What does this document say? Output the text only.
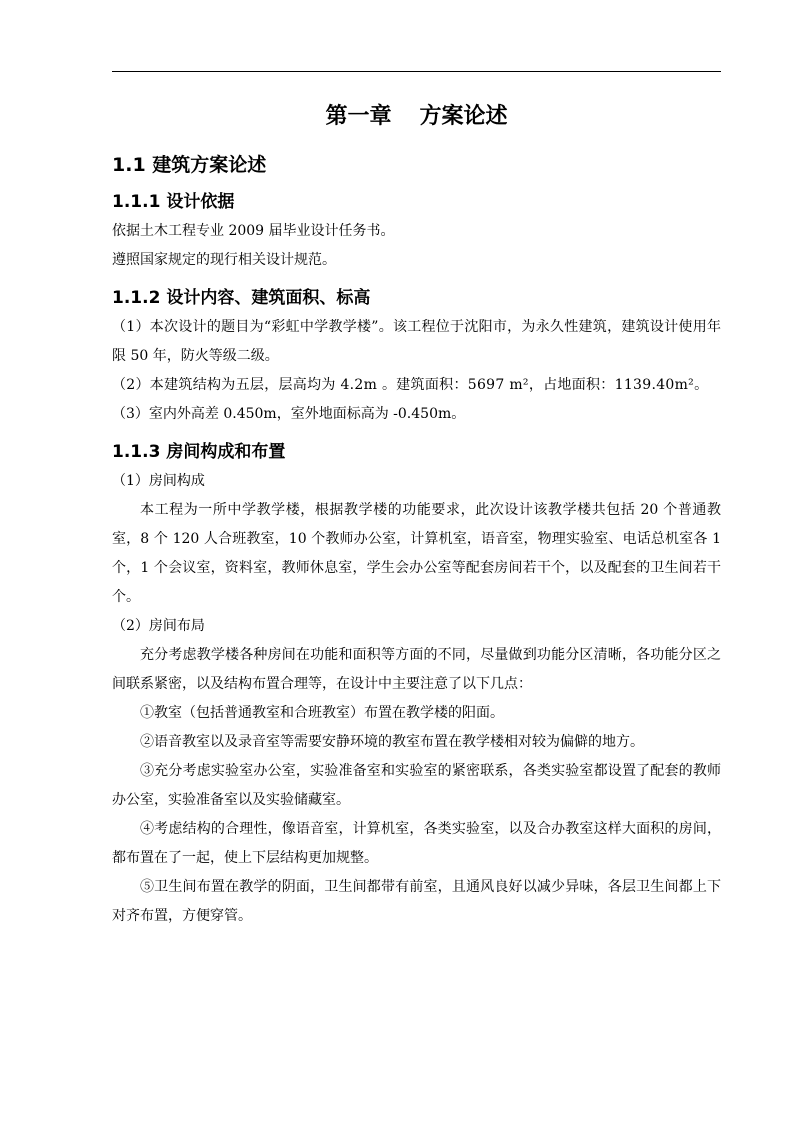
第一章 方案论述
1.1 建筑方案论述
1.1.1 设计依据

依据土木工程专业 2009 届毕业设计任务书。

遵照国家规定的现行相关设计规范。

1.1.2 设计内容、建筑面积、标高

（1）本次设计的题目为“彩虹中学教学楼”。该工程位于沈阳市，为永久性建筑，建筑设计使用年限 50 年，防火等级二级。

（2）本建筑结构为五层，层高均为 4.2m 。建筑面积：5697 m²，占地面积：1139.40m²。

（3）室内外高差 0.450m，室外地面标高为 -0.450m。

1.1.3 房间构成和布置

（1）房间构成

本工程为一所中学教学楼，根据教学楼的功能要求，此次设计该教学楼共包括 20 个普通教室，8 个 120 人合班教室，10 个教师办公室，计算机室，语音室，物理实验室、电话总机室各 1 个，1 个会议室，资料室，教师休息室，学生会办公室等配套房间若干个，以及配套的卫生间若干个。

（2）房间布局

充分考虑教学楼各种房间在功能和面积等方面的不同，尽量做到功能分区清晰，各功能分区之间联系紧密，以及结构布置合理等，在设计中主要注意了以下几点：

①教室（包括普通教室和合班教室）布置在教学楼的阳面。

②语音教室以及录音室等需要安静环境的教室布置在教学楼相对较为偏僻的地方。

③充分考虑实验室办公室，实验准备室和实验室的紧密联系，各类实验室都设置了配套的教师办公室，实验准备室以及实验储藏室。

④考虑结构的合理性，像语音室，计算机室，各类实验室，以及合办教室这样大面积的房间，都布置在了一起，使上下层结构更加规整。

⑤卫生间布置在教学的阴面，卫生间都带有前室，且通风良好以减少异味，各层卫生间都上下对齐布置，方便穿管。
